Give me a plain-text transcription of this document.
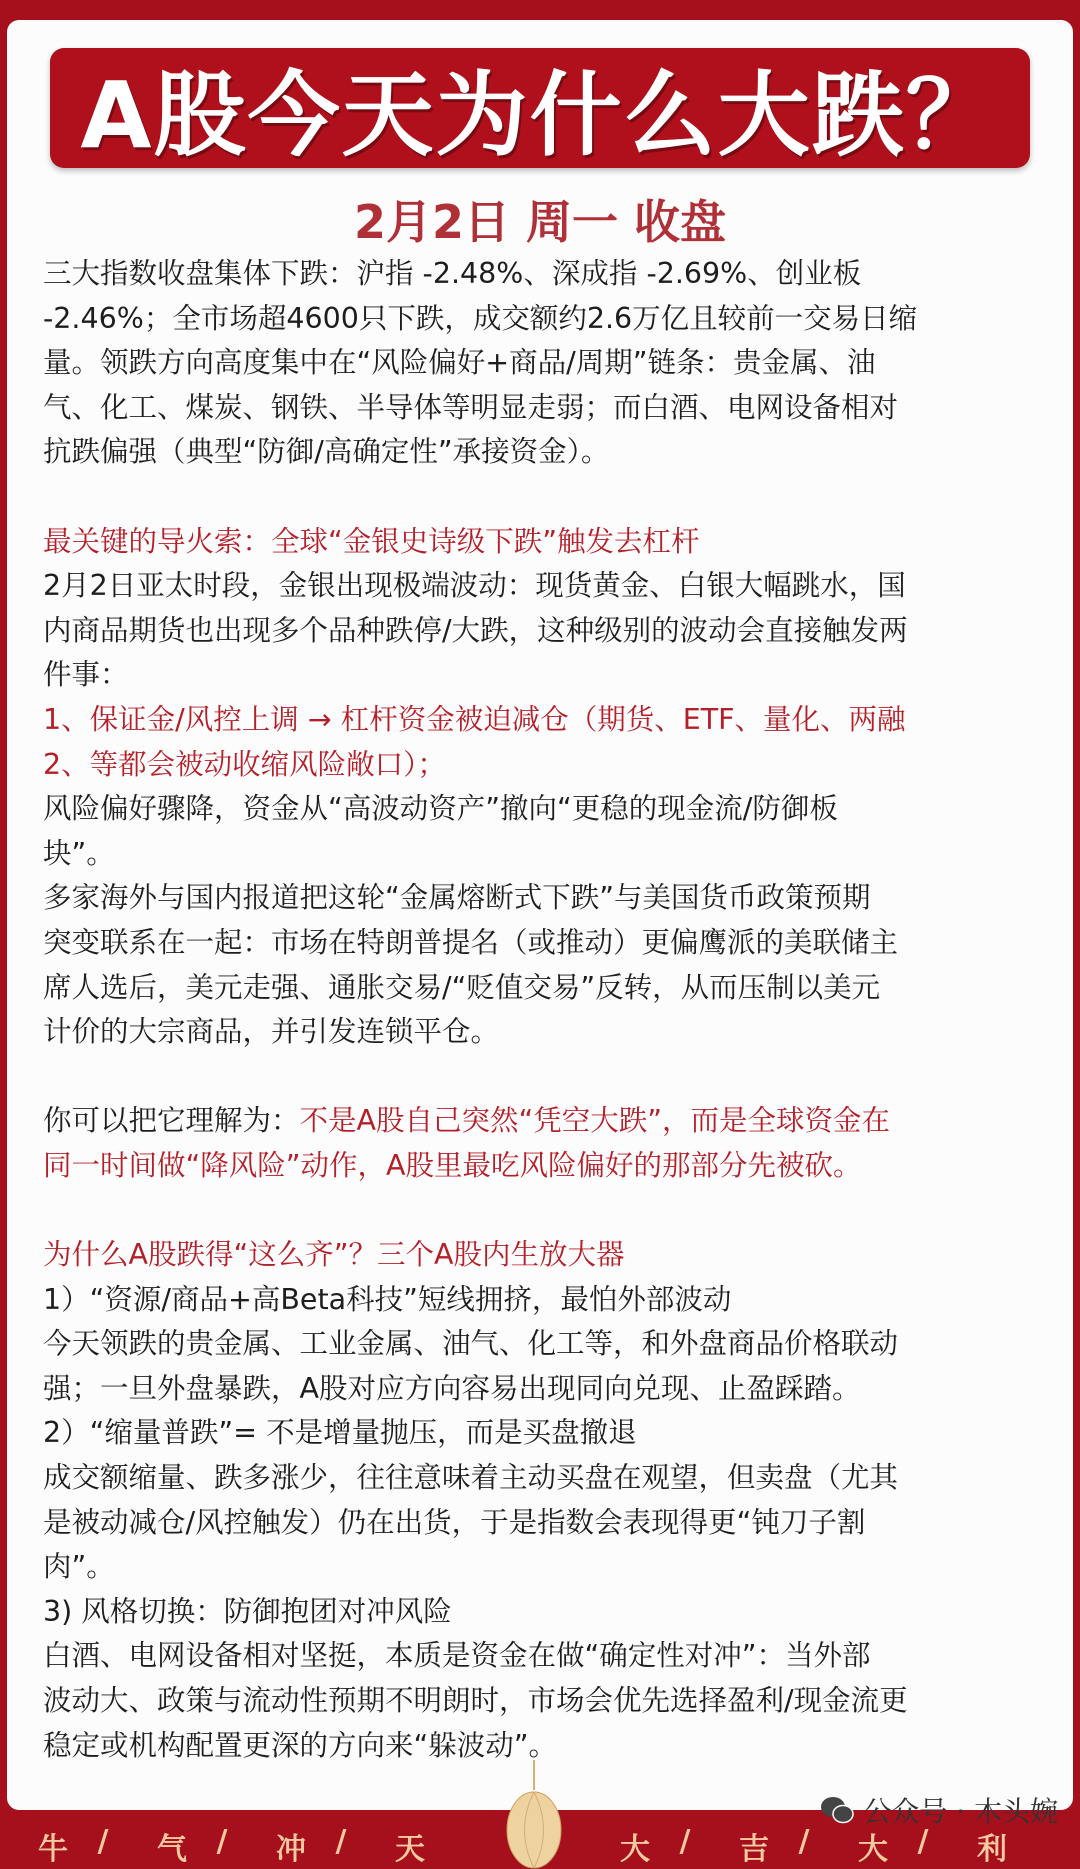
A股今天为什么大跌？
2月2日 周一 收盘
三大指数收盘集体下跌：沪指 -2.48%、深成指 -2.69%、创业板
-2.46%；全市场超4600只下跌，成交额约2.6万亿且较前一交易日缩
量。领跌方向高度集中在“风险偏好+商品/周期”链条：贵金属、油
气、化工、煤炭、钢铁、半导体等明显走弱；而白酒、电网设备相对
抗跌偏强（典型“防御/高确定性”承接资金）。
最关键的导火索：全球“金银史诗级下跌”触发去杠杆
2月2日亚太时段，金银出现极端波动：现货黄金、白银大幅跳水，国
内商品期货也出现多个品种跌停/大跌，这种级别的波动会直接触发两
件事：
1、保证金/风控上调 → 杠杆资金被迫减仓（期货、ETF、量化、两融
2、等都会被动收缩风险敞口）；
风险偏好骤降，资金从“高波动资产”撤向“更稳的现金流/防御板
块”。
多家海外与国内报道把这轮“金属熔断式下跌”与美国货币政策预期
突变联系在一起：市场在特朗普提名（或推动）更偏鹰派的美联储主
席人选后，美元走强、通胀交易/“贬值交易”反转，从而压制以美元
计价的大宗商品，并引发连锁平仓。
你可以把它理解为：不是A股自己突然“凭空大跌”，而是全球资金在
同一时间做“降风险”动作，A股里最吃风险偏好的那部分先被砍。
为什么A股跌得“这么齐”？三个A股内生放大器
1）“资源/商品+高Beta科技”短线拥挤，最怕外部波动
今天领跌的贵金属、工业金属、油气、化工等，和外盘商品价格联动
强；一旦外盘暴跌，A股对应方向容易出现同向兑现、止盈踩踏。
2）“缩量普跌”= 不是增量抛压，而是买盘撤退
成交额缩量、跌多涨少，往往意味着主动买盘在观望，但卖盘（尤其
是被动减仓/风控触发）仍在出货，于是指数会表现得更“钝刀子割
肉”。
3) 风格切换：防御抱团对冲风险
白酒、电网设备相对坚挺，本质是资金在做“确定性对冲”：当外部
波动大、政策与流动性预期不明朗时，市场会优先选择盈利/现金流更
稳定或机构配置更深的方向来“躲波动”。
牛 / 气 / 冲 / 天	大 / 吉 / 大 / 利
公众号 · 木头婉
